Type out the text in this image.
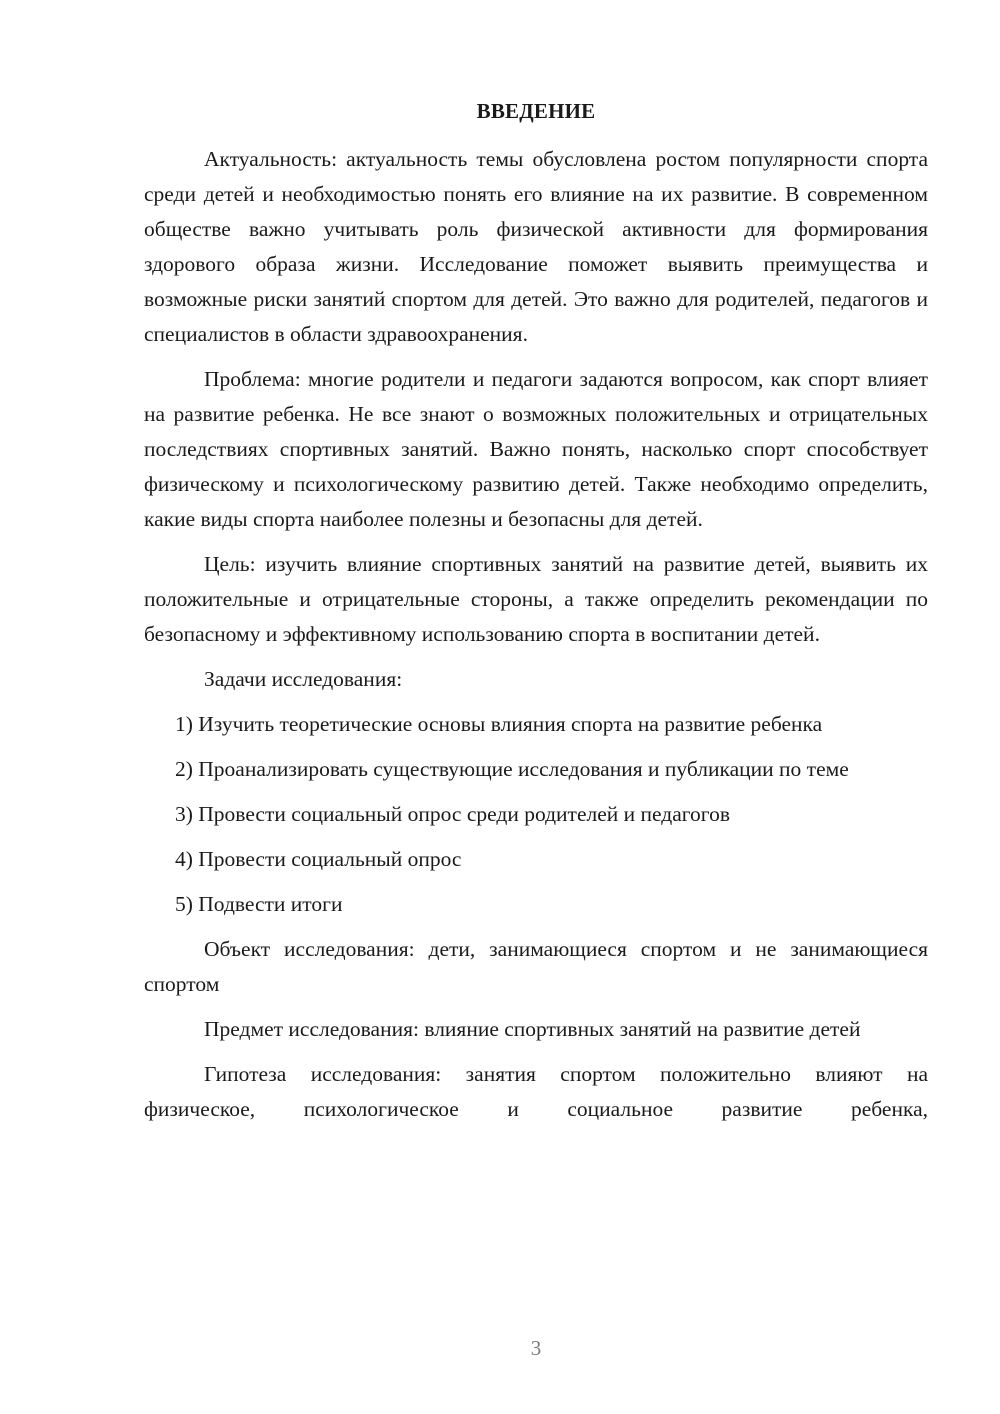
ВВЕДЕНИЕ

Актуальность: актуальность темы обусловлена ростом популярности спорта среди детей и необходимостью понять его влияние на их развитие. В современном обществе важно учитывать роль физической активности для формирования здорового образа жизни. Исследование поможет выявить преимущества и возможные риски занятий спортом для детей. Это важно для родителей, педагогов и специалистов в области здравоохранения.

Проблема: многие родители и педагоги задаются вопросом, как спорт влияет на развитие ребенка. Не все знают о возможных положительных и отрицательных последствиях спортивных занятий. Важно понять, насколько спорт способствует физическому и психологическому развитию детей. Также необходимо определить, какие виды спорта наиболее полезны и безопасны для детей.

Цель: изучить влияние спортивных занятий на развитие детей, выявить их положительные и отрицательные стороны, а также определить рекомендации по безопасному и эффективному использованию спорта в воспитании детей.

Задачи исследования:

1) Изучить теоретические основы влияния спорта на развитие ребенка

2) Проанализировать существующие исследования и публикации по теме

3) Провести социальный опрос среди родителей и педагогов

4) Провести социальный опрос

5) Подвести итоги

Объект исследования: дети, занимающиеся спортом и не занимающиеся спортом

Предмет исследования: влияние спортивных занятий на развитие детей

Гипотеза исследования: занятия спортом положительно влияют на физическое, психологическое и социальное развитие ребенка,

3
